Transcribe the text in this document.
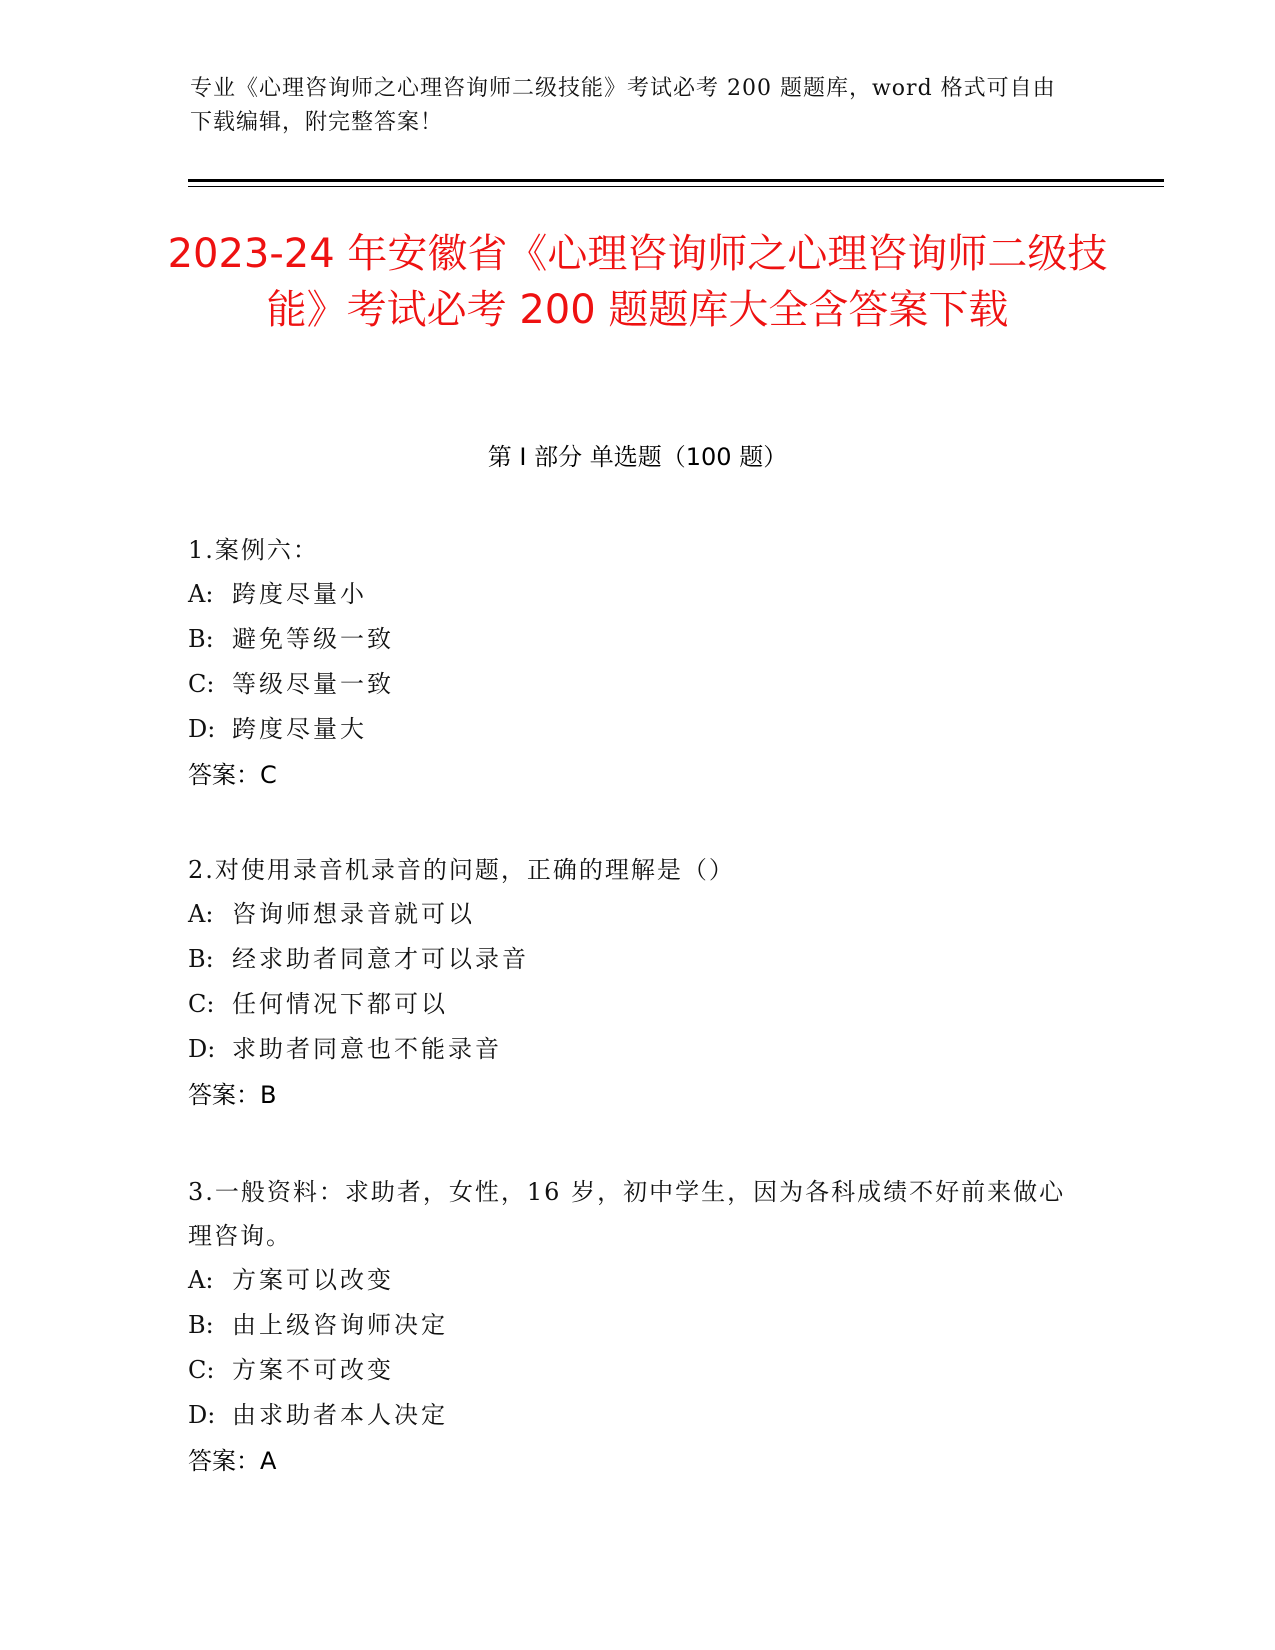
专业《心理咨询师之心理咨询师二级技能》考试必考 200 题题库，word 格式可自由下载编辑，附完整答案！
2023-24 年安徽省《心理咨询师之心理咨询师二级技能》考试必考 200 题题库大全含答案下载
第 I 部分 单选题（100 题）
1.案例六：
A: 跨度尽量小
B: 避免等级一致
C: 等级尽量一致
D: 跨度尽量大
答案：C
2.对使用录音机录音的问题，正确的理解是（）
A: 咨询师想录音就可以
B: 经求助者同意才可以录音
C: 任何情况下都可以
D: 求助者同意也不能录音
答案：B
3.一般资料：求助者，女性，16 岁，初中学生，因为各科成绩不好前来做心理咨询。
A: 方案可以改变
B: 由上级咨询师决定
C: 方案不可改变
D: 由求助者本人决定
答案：A
